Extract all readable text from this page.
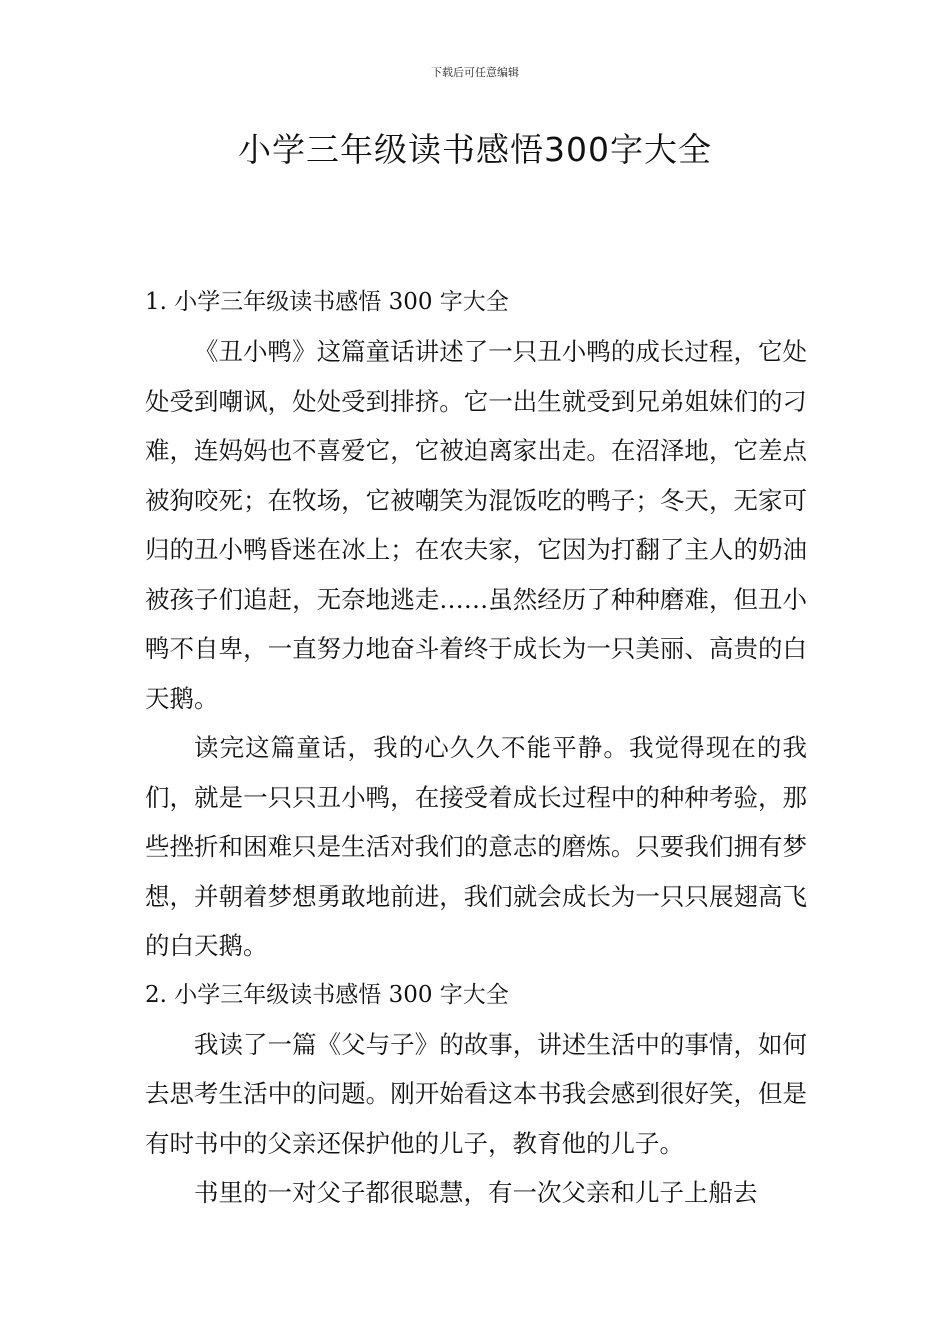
下载后可任意编辑
小学三年级读书感悟300字大全
1. 小学三年级读书感悟 300 字大全

《丑小鸭》这篇童话讲述了一只丑小鸭的成长过程，它处处受到嘲讽，处处受到排挤。它一出生就受到兄弟姐妹们的刁难，连妈妈也不喜爱它，它被迫离家出走。在沼泽地，它差点被狗咬死；在牧场，它被嘲笑为混饭吃的鸭子；冬天，无家可归的丑小鸭昏迷在冰上；在农夫家，它因为打翻了主人的奶油被孩子们追赶，无奈地逃走……虽然经历了种种磨难，但丑小鸭不自卑，一直努力地奋斗着终于成长为一只美丽、高贵的白天鹅。

读完这篇童话，我的心久久不能平静。我觉得现在的我们，就是一只只丑小鸭，在接受着成长过程中的种种考验，那些挫折和困难只是生活对我们的意志的磨炼。只要我们拥有梦想，并朝着梦想勇敢地前进，我们就会成长为一只只展翅高飞的白天鹅。

2. 小学三年级读书感悟 300 字大全

我读了一篇《父与子》的故事，讲述生活中的事情，如何去思考生活中的问题。刚开始看这本书我会感到很好笑，但是有时书中的父亲还保护他的儿子，教育他的儿子。

书里的一对父子都很聪慧，有一次父亲和儿子上船去
